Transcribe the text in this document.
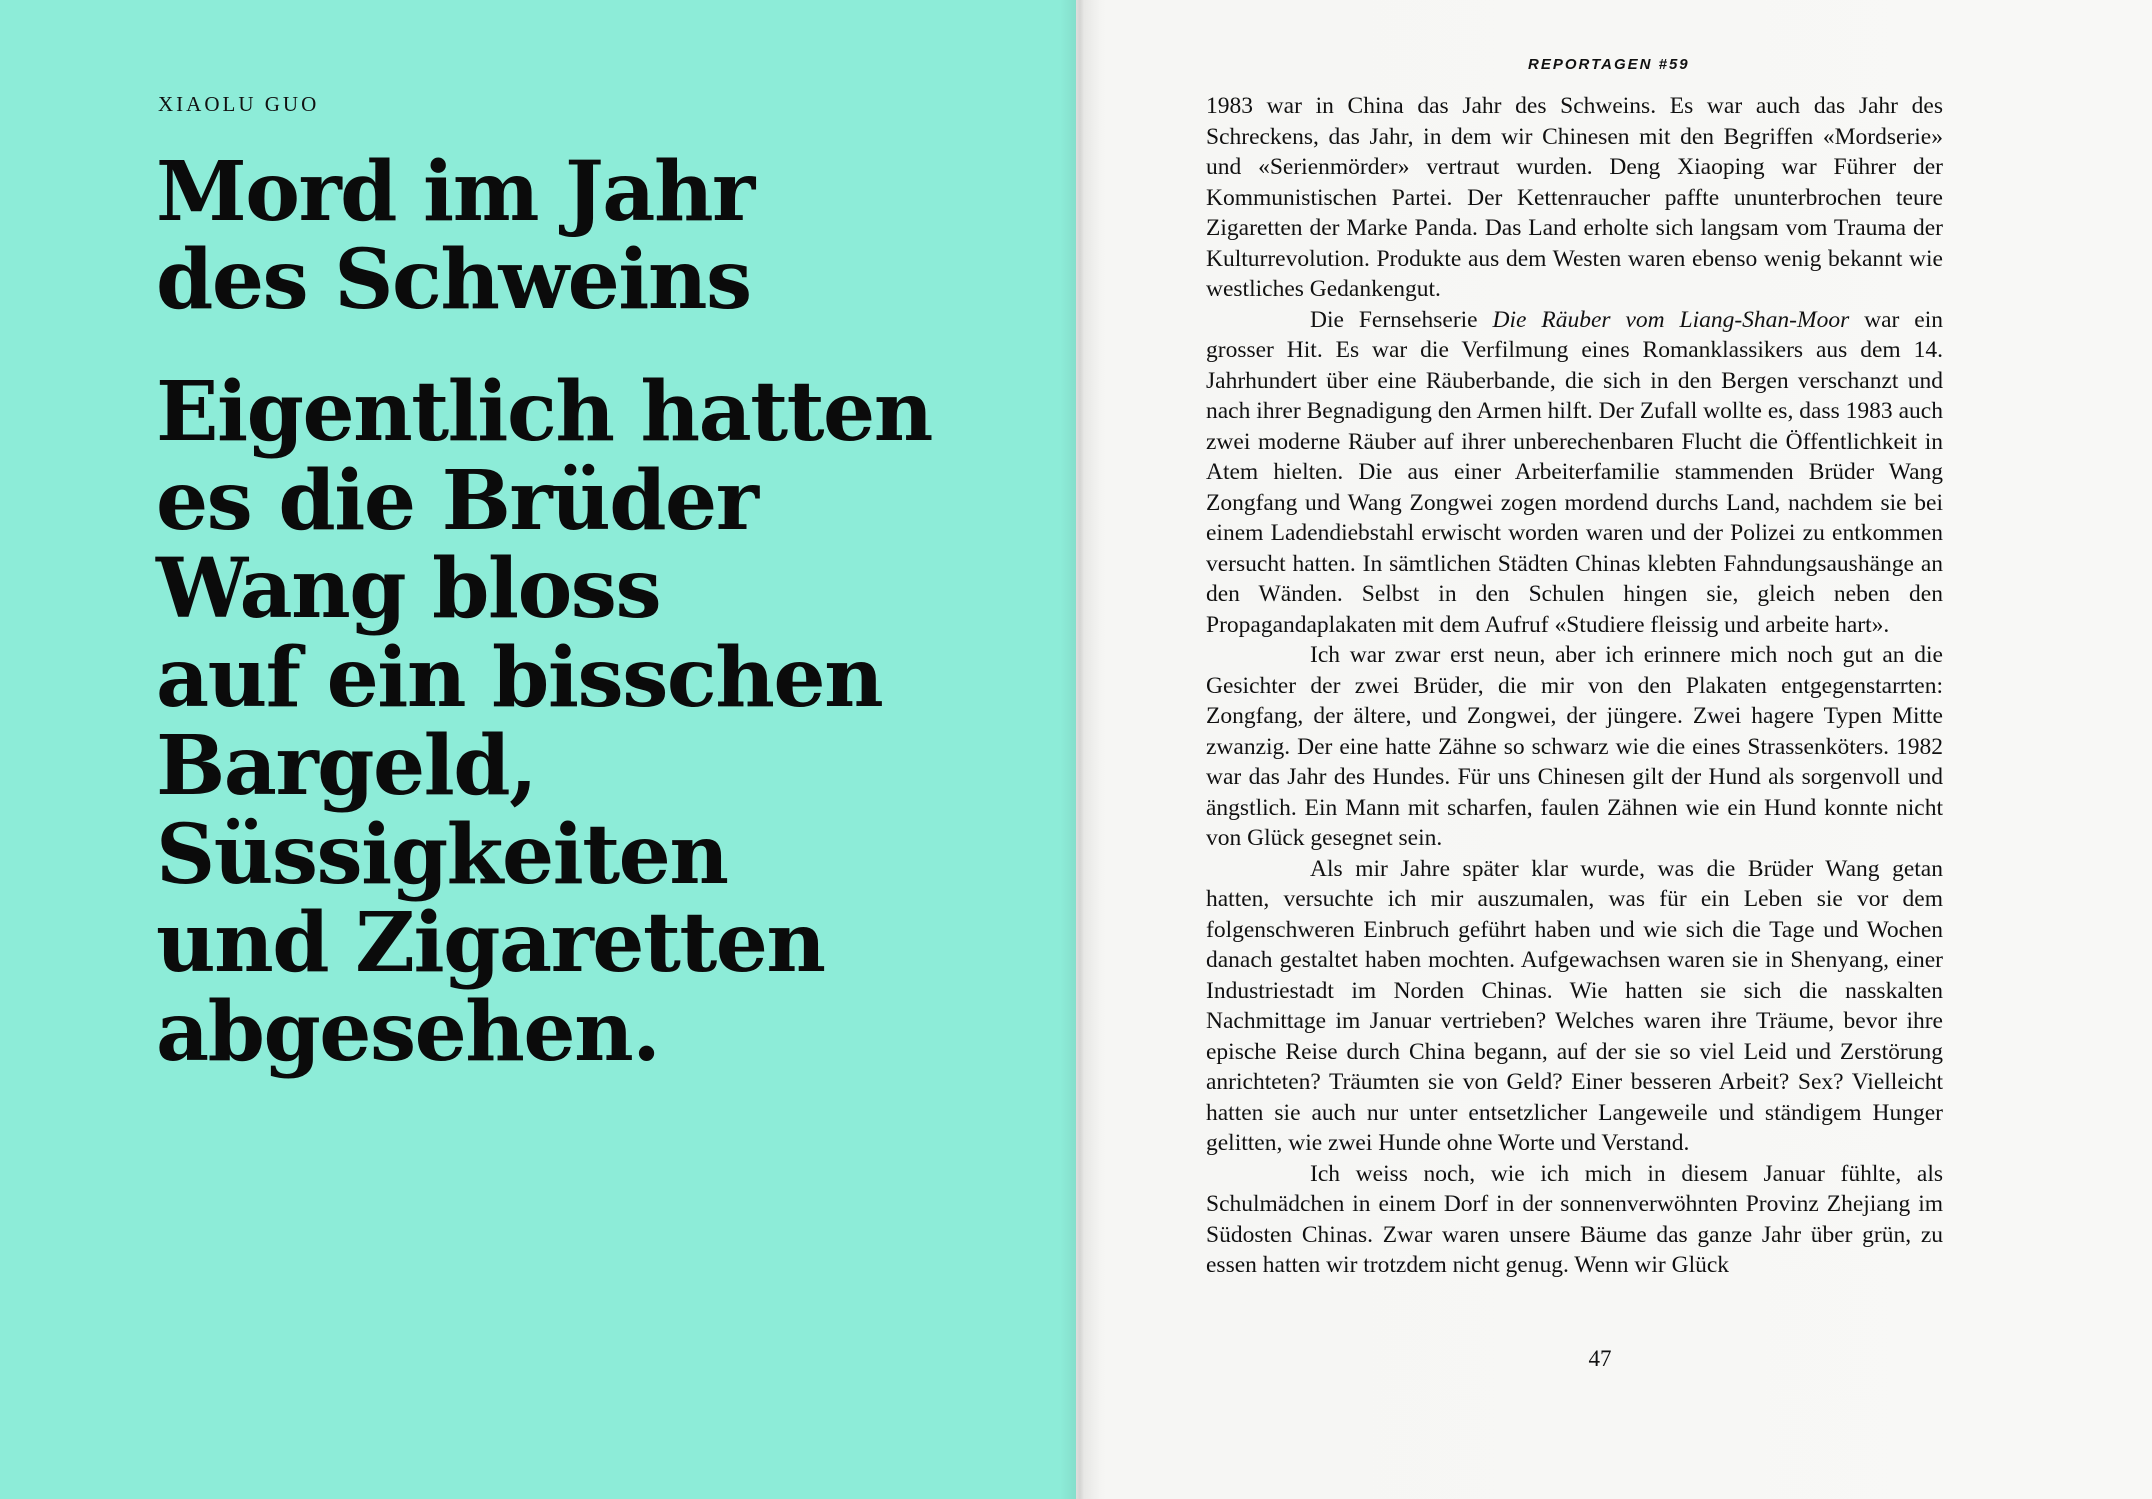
XIAOLU GUO

Mord im Jahr
des Schweins
Eigentlich hatten
es die Brüder
Wang bloss
auf ein bisschen
Bargeld,
Süssigkeiten
und Zigaretten
abgesehen.
REPORTAGEN #59

1983 war in China das Jahr des Schweins. Es war auch das Jahr des Schreckens, das Jahr, in dem wir Chinesen mit den Begriffen «Mordserie» und «Serienmörder» vertraut wurden. Deng Xiaoping war Führer der Kommunistischen Partei. Der Kettenraucher paffte ununterbrochen teure Zigaretten der Marke Panda. Das Land erholte sich langsam vom Trauma der Kulturrevolution. Produkte aus dem Westen waren ebenso wenig bekannt wie westliches Gedankengut.

Die Fernsehserie Die Räuber vom Liang-Shan-Moor war ein grosser Hit. Es war die Verfilmung eines Romanklassikers aus dem 14. Jahrhundert über eine Räuberbande, die sich in den Bergen verschanzt und nach ihrer Begnadigung den Armen hilft. Der Zufall wollte es, dass 1983 auch zwei moderne Räuber auf ihrer unberechenbaren Flucht die Öffentlichkeit in Atem hielten. Die aus einer Arbeiterfamilie stammenden Brüder Wang Zongfang und Wang Zongwei zogen mordend durchs Land, nachdem sie bei einem Ladendiebstahl erwischt worden waren und der Polizei zu entkommen versucht hatten. In sämtlichen Städten Chinas klebten Fahndungsaushänge an den Wänden. Selbst in den Schulen hingen sie, gleich neben den Propagandaplakaten mit dem Aufruf «Studiere fleissig und arbeite hart».

Ich war zwar erst neun, aber ich erinnere mich noch gut an die Gesichter der zwei Brüder, die mir von den Plakaten entgegenstarrten: Zongfang, der ältere, und Zongwei, der jüngere. Zwei hagere Typen Mitte zwanzig. Der eine hatte Zähne so schwarz wie die eines Strassenköters. 1982 war das Jahr des Hundes. Für uns Chinesen gilt der Hund als sorgenvoll und ängstlich. Ein Mann mit scharfen, faulen Zähnen wie ein Hund konnte nicht von Glück gesegnet sein.

Als mir Jahre später klar wurde, was die Brüder Wang getan hatten, versuchte ich mir auszumalen, was für ein Leben sie vor dem folgenschweren Einbruch geführt haben und wie sich die Tage und Wochen danach gestaltet haben mochten. Aufgewachsen waren sie in Shenyang, einer Industriestadt im Norden Chinas. Wie hatten sie sich die nasskalten Nachmittage im Januar vertrieben? Welches waren ihre Träume, bevor ihre epische Reise durch China begann, auf der sie so viel Leid und Zerstörung anrichteten? Träumten sie von Geld? Einer besseren Arbeit? Sex? Vielleicht hatten sie auch nur unter entsetzlicher Langeweile und ständigem Hunger gelitten, wie zwei Hunde ohne Worte und Verstand.

Ich weiss noch, wie ich mich in diesem Januar fühlte, als Schulmädchen in einem Dorf in der sonnenverwöhnten Provinz Zhejiang im Südosten Chinas. Zwar waren unsere Bäume das ganze Jahr über grün, zu essen hatten wir trotzdem nicht genug. Wenn wir Glück

47
